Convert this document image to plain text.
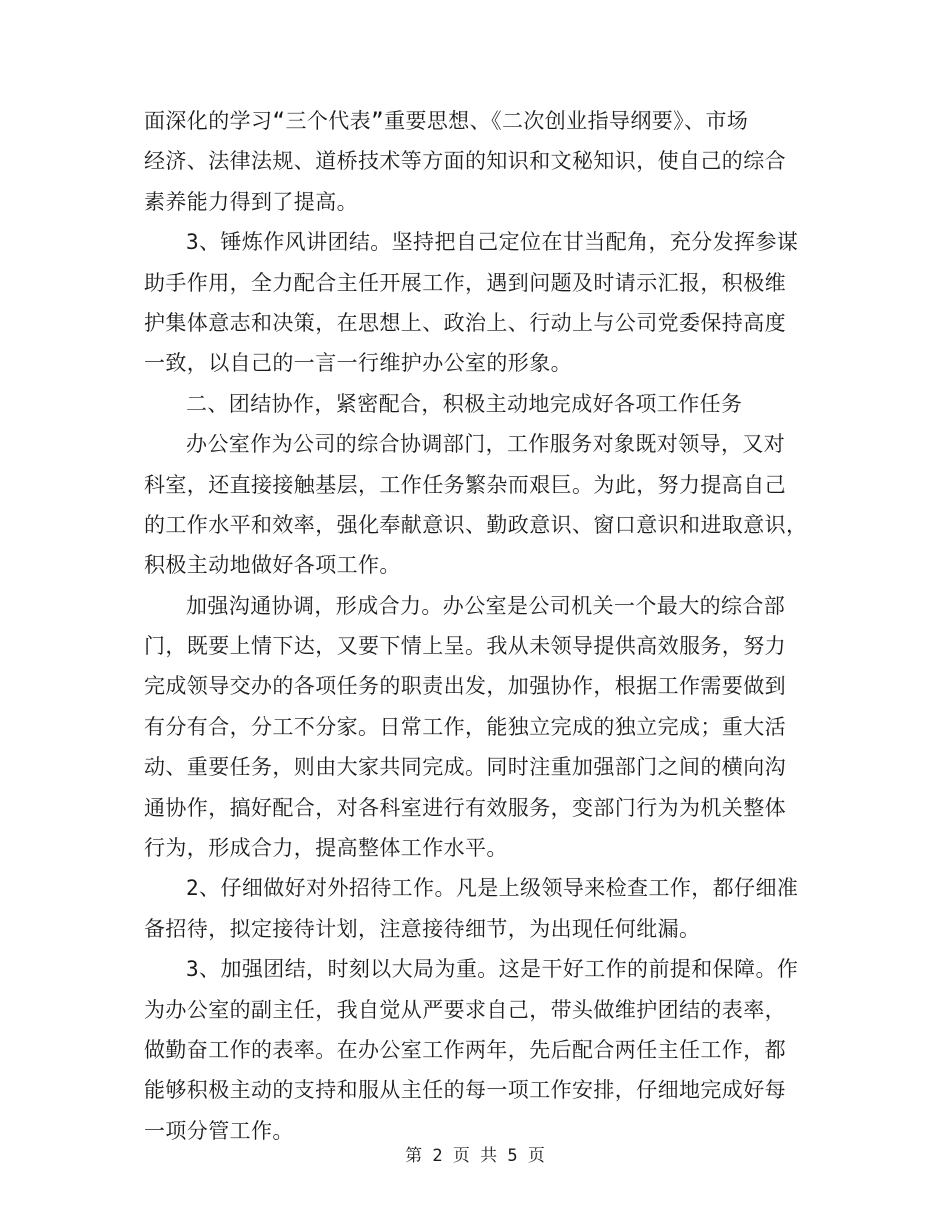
面深化的学习“三个代表”重要思想、《二次创业指导纲要》、市场
经济、法律法规、道桥技术等方面的知识和文秘知识，使自己的综合
素养能力得到了提高。
3、锤炼作风讲团结。坚持把自己定位在甘当配角，充分发挥参谋
助手作用，全力配合主任开展工作，遇到问题及时请示汇报，积极维
护集体意志和决策，在思想上、政治上、行动上与公司党委保持高度
一致，以自己的一言一行维护办公室的形象。
二、团结协作，紧密配合，积极主动地完成好各项工作任务
办公室作为公司的综合协调部门，工作服务对象既对领导，又对
科室，还直接接触基层，工作任务繁杂而艰巨。为此，努力提高自己
的工作水平和效率，强化奉献意识、勤政意识、窗口意识和进取意识，
积极主动地做好各项工作。
加强沟通协调，形成合力。办公室是公司机关一个最大的综合部
门，既要上情下达，又要下情上呈。我从未领导提供高效服务，努力
完成领导交办的各项任务的职责出发，加强协作，根据工作需要做到
有分有合，分工不分家。日常工作，能独立完成的独立完成；重大活
动、重要任务，则由大家共同完成。同时注重加强部门之间的横向沟
通协作，搞好配合，对各科室进行有效服务，变部门行为为机关整体
行为，形成合力，提高整体工作水平。
2、仔细做好对外招待工作。凡是上级领导来检查工作，都仔细准
备招待，拟定接待计划，注意接待细节，为出现任何纰漏。
3、加强团结，时刻以大局为重。这是干好工作的前提和保障。作
为办公室的副主任，我自觉从严要求自己，带头做维护团结的表率，
做勤奋工作的表率。在办公室工作两年，先后配合两任主任工作，都
能够积极主动的支持和服从主任的每一项工作安排，仔细地完成好每
一项分管工作。
第 2 页 共 5 页
